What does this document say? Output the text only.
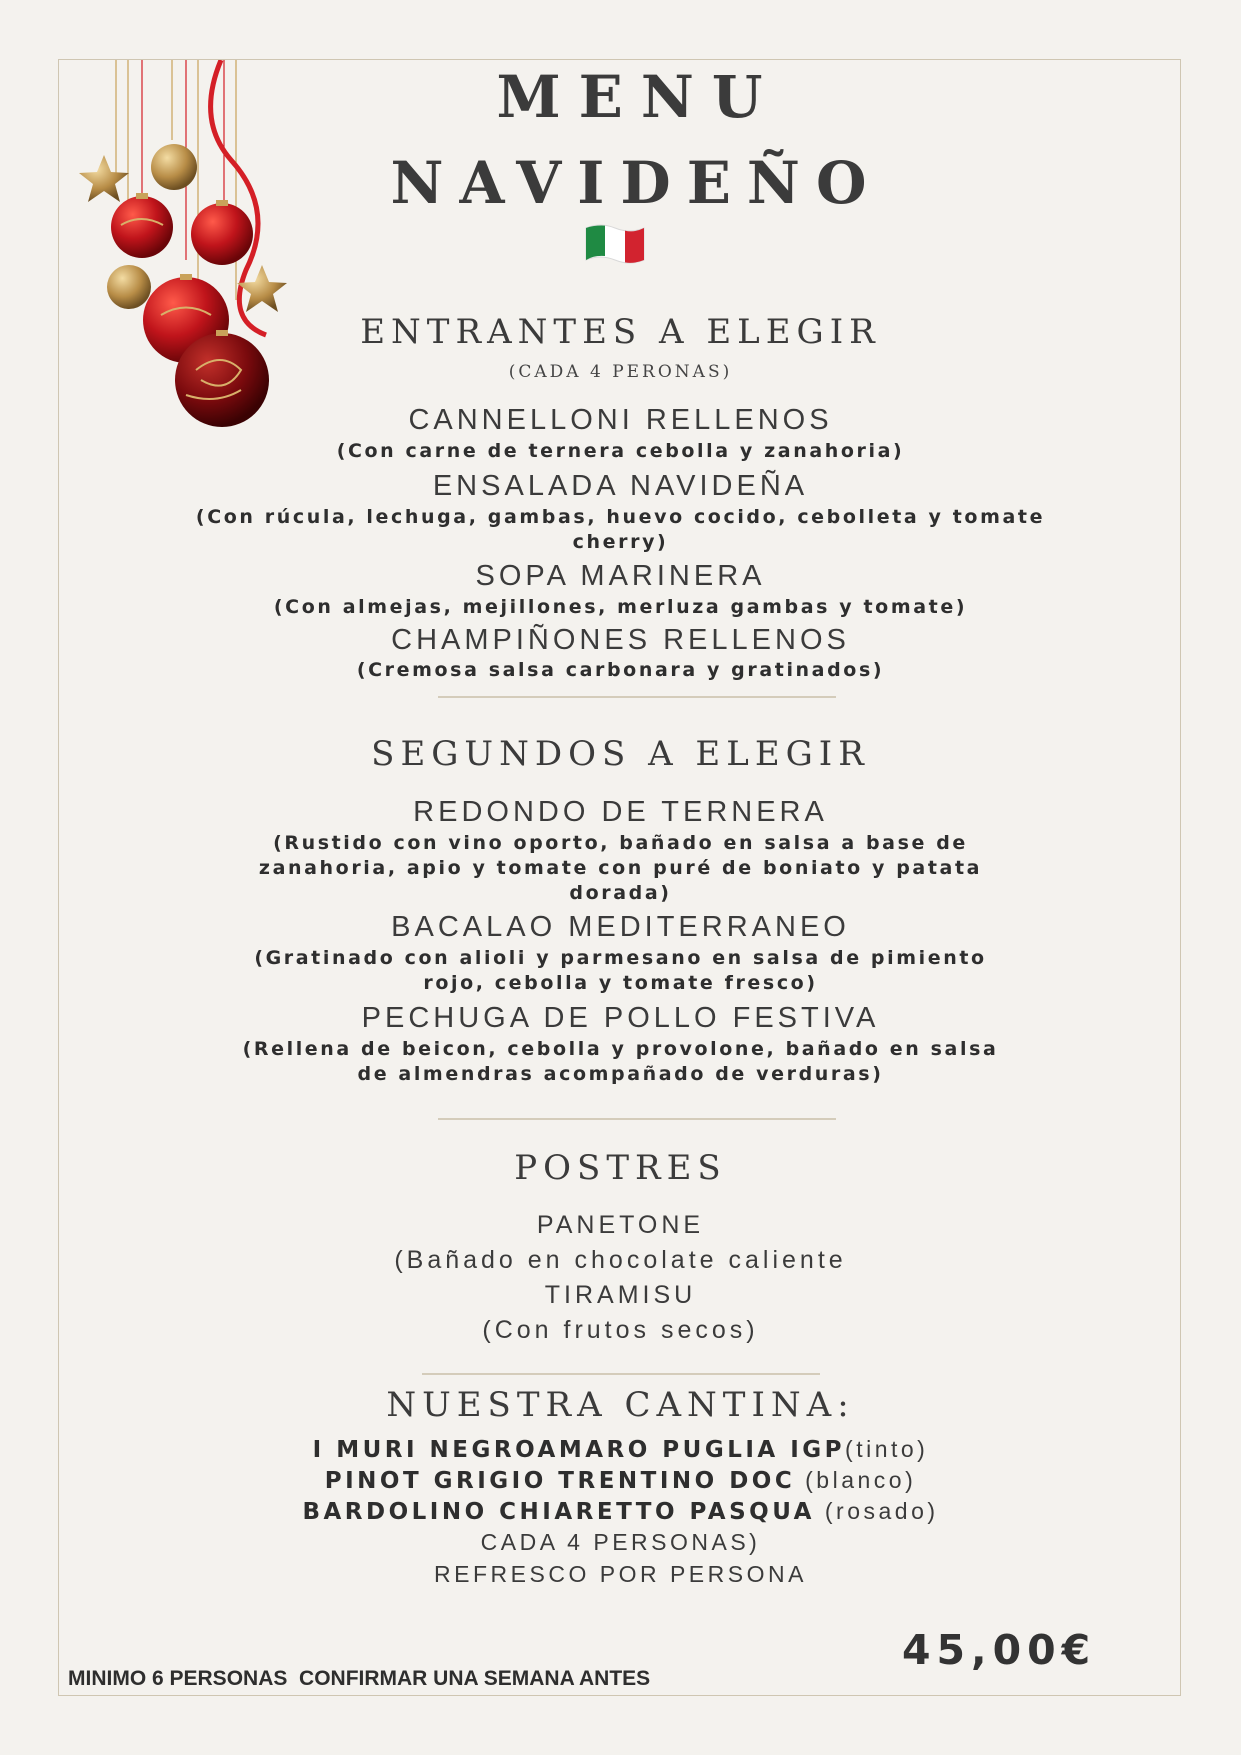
MENU
NAVIDEÑO
ENTRANTES A ELEGIR
(CADA 4 PERONAS)
CANNELLONI RELLENOS
(Con carne de ternera cebolla y zanahoria)
ENSALADA NAVIDEÑA
(Con rúcula, lechuga, gambas, huevo cocido, cebolleta y tomate
cherry)
SOPA MARINERA
(Con almejas, mejillones, merluza gambas y tomate)
CHAMPIÑONES RELLENOS
(Cremosa salsa carbonara y gratinados)
SEGUNDOS A ELEGIR
REDONDO DE TERNERA
(Rustido con vino oporto, bañado en salsa a base de
zanahoria, apio y tomate con puré de boniato y patata
dorada)
BACALAO MEDITERRANEO
(Gratinado con alioli y parmesano en salsa de pimiento
rojo, cebolla y tomate fresco)
PECHUGA DE POLLO FESTIVA
(Rellena de beicon, cebolla y provolone, bañado en salsa
de almendras acompañado de verduras)
POSTRES
PANETONE
(Bañado en chocolate caliente
TIRAMISU
(Con frutos secos)
NUESTRA CANTINA:
I MURI NEGROAMARO PUGLIA IGP(tinto)
PINOT GRIGIO TRENTINO DOC (blanco)
BARDOLINO CHIARETTO PASQUA (rosado)
CADA 4 PERSONAS)
REFRESCO POR PERSONA
45,00€
MINIMO 6 PERSONAS  CONFIRMAR UNA SEMANA ANTES
